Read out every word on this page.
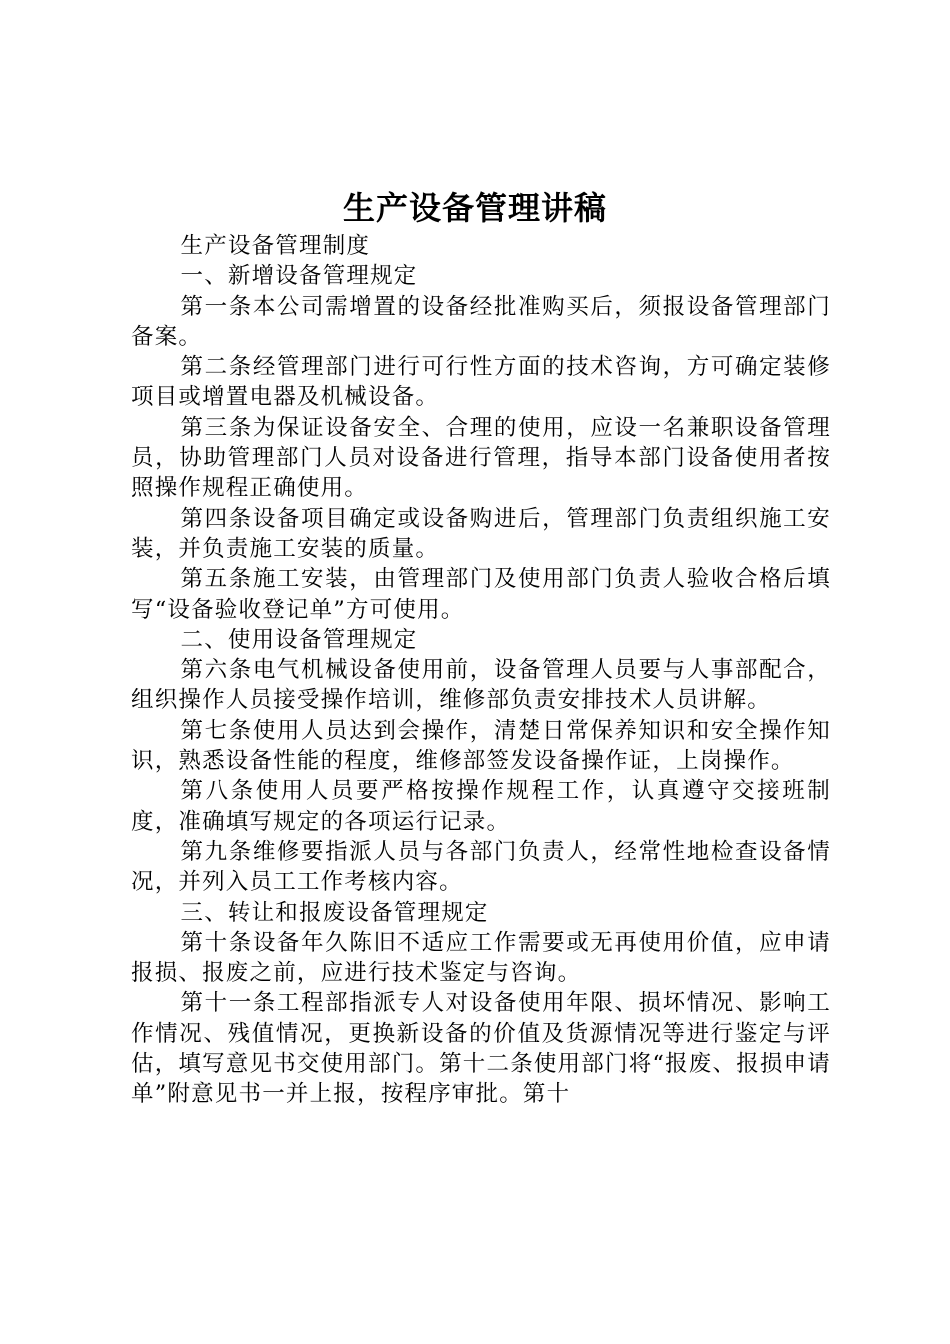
生产设备管理讲稿

生产设备管理制度

一、新增设备管理规定

第一条本公司需增置的设备经批准购买后，须报设备管理部门备案。

第二条经管理部门进行可行性方面的技术咨询，方可确定装修项目或增置电器及机械设备。

第三条为保证设备安全、合理的使用，应设一名兼职设备管理员，协助管理部门人员对设备进行管理，指导本部门设备使用者按照操作规程正确使用。

第四条设备项目确定或设备购进后，管理部门负责组织施工安装，并负责施工安装的质量。

第五条施工安装，由管理部门及使用部门负责人验收合格后填写“设备验收登记单”方可使用。

二、使用设备管理规定

第六条电气机械设备使用前，设备管理人员要与人事部配合，组织操作人员接受操作培训，维修部负责安排技术人员讲解。

第七条使用人员达到会操作，清楚日常保养知识和安全操作知识，熟悉设备性能的程度，维修部签发设备操作证，上岗操作。

第八条使用人员要严格按操作规程工作，认真遵守交接班制度，准确填写规定的各项运行记录。

第九条维修要指派人员与各部门负责人，经常性地检查设备情况，并列入员工工作考核内容。

三、转让和报废设备管理规定

第十条设备年久陈旧不适应工作需要或无再使用价值，应申请报损、报废之前，应进行技术鉴定与咨询。

第十一条工程部指派专人对设备使用年限、损坏情况、影响工作情况、残值情况，更换新设备的价值及货源情况等进行鉴定与评估，填写意见书交使用部门。第十二条使用部门将“报废、报损申请单”附意见书一并上报，按程序审批。第十
